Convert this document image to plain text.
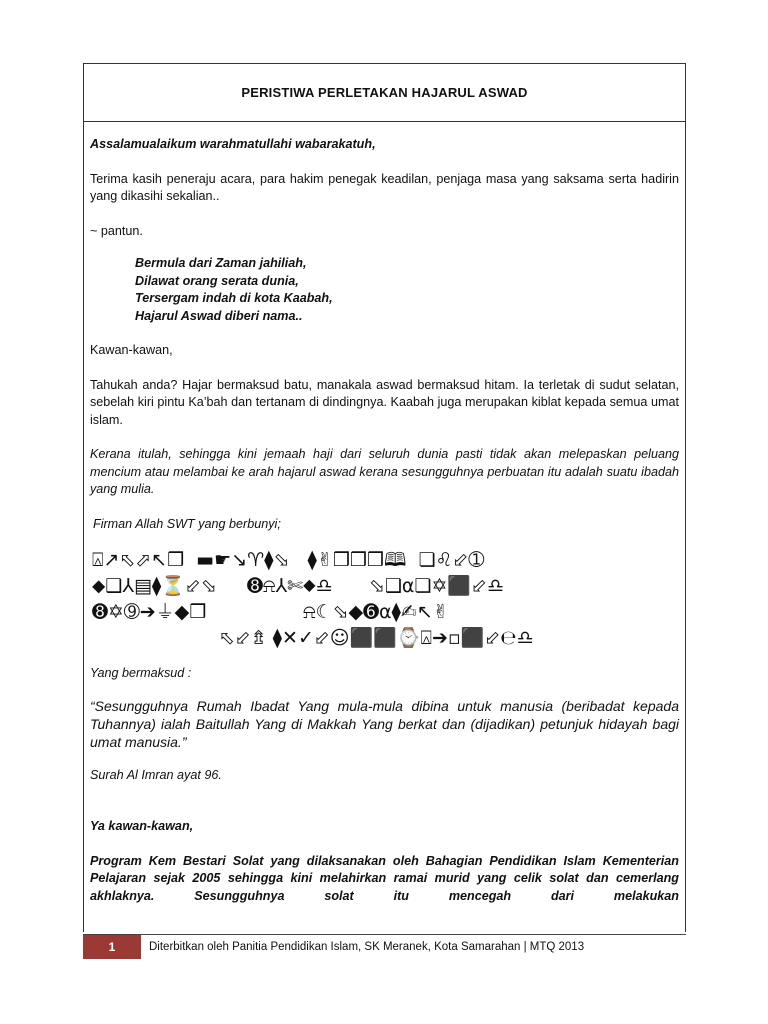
PERISTIWA PERLETAKAN HAJARUL ASWAD

Assalamualaikum warahmatullahi wabarakatuh,

Terima kasih peneraju acara, para hakim penegak keadilan, penjaga masa yang saksama serta hadirin yang dikasihi sekalian..

~ pantun.

Bermula dari Zaman jahiliah,
Dilawat orang serata dunia,
Tersergam indah di kota Kaabah,
Hajarul Aswad diberi nama..

Kawan-kawan,

Tahukah anda? Hajar bermaksud batu, manakala aswad bermaksud hitam. Ia terletak di sudut selatan, sebelah kiri pintu Ka’bah dan tertanam di dindingnya. Kaabah juga merupakan kiblat kepada semua umat islam.

Kerana itulah, sehingga kini jemaah haji dari seluruh dunia pasti tidak akan melepaskan peluang mencium atau melambai ke arah hajarul aswad kerana sesungguhnya perbuatan itu adalah suatu ibadah yang mulia.

Firman Allah SWT yang berbunyi;

⍓↗⬁⬀↖❒  ▬☛↘♈⧫⬂   ⧫✌❒❒❒🕮  ❏♌⬃➀
⬥❑⅄▤⧫⏳⬃⬂     ➑⍾⅄✄⬥♎      ⬂❑⍺❏✡⬛⬃♎
➑✡➈➔⏚◆❒                ⍾☾⬂◆➏⍺⧫✍↖✌
⬁⬃⇯ ⧫✕✓⬃☺⬛⬛⌚⍓➔▫⬛⬃℮♎

Yang bermaksud :

“Sesungguhnya Rumah Ibadat Yang mula-mula dibina untuk manusia (beribadat kepada Tuhannya) ialah Baitullah Yang di Makkah Yang berkat dan (dijadikan) petunjuk hidayah bagi umat manusia.”

Surah Al Imran ayat 96.

Ya kawan-kawan,

Program Kem Bestari Solat yang dilaksanakan oleh Bahagian Pendidikan Islam Kementerian Pelajaran sejak 2005 sehingga kini melahirkan ramai murid yang celik solat dan cemerlang akhlaknya. Sesungguhnya solat itu mencegah dari melakukan

1	Diterbitkan oleh Panitia Pendidikan Islam, SK Meranek, Kota Samarahan | MTQ 2013
